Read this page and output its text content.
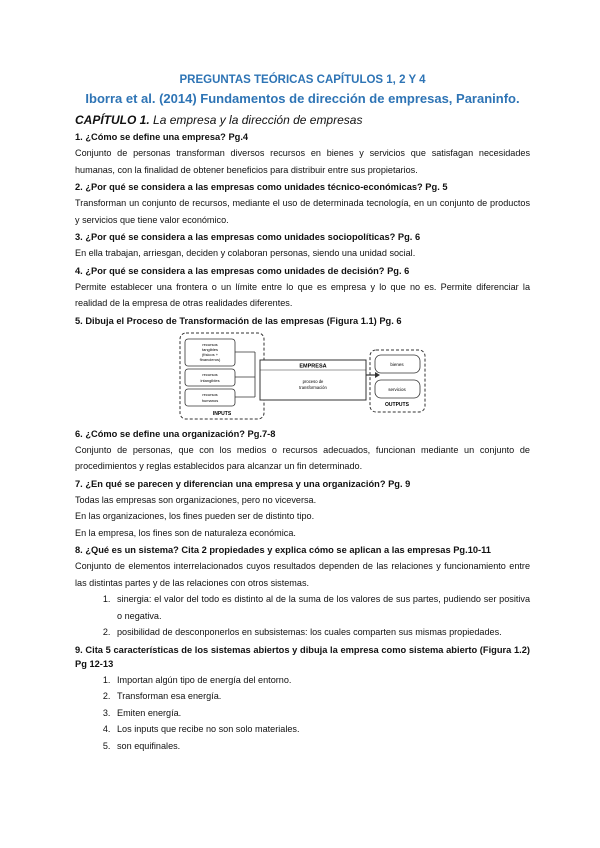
PREGUNTAS TEÓRICAS CAPÍTULOS 1, 2 Y 4

Iborra et al. (2014) Fundamentos de dirección de empresas, Paraninfo.

CAPÍTULO 1. La empresa y la dirección de empresas

1. ¿Cómo se define una empresa? Pg.4

Conjunto de personas transforman diversos recursos en bienes y servicios que satisfagan necesidades humanas, con la finalidad de obtener beneficios para distribuir entre sus propietarios.

2. ¿Por qué se considera a las empresas como unidades técnico-económicas? Pg. 5

Transforman un conjunto de recursos, mediante el uso de determinada tecnología, en un conjunto de productos y servicios que tiene valor económico.

3. ¿Por qué se considera a las empresas como unidades sociopolíticas? Pg. 6

En ella trabajan, arriesgan, deciden y colaboran personas, siendo una unidad social.

4. ¿Por qué se considera a las empresas como unidades de decisión? Pg. 6

Permite establecer una frontera o un límite entre lo que es empresa y lo que no es. Permite diferenciar la realidad de la empresa de otras realidades diferentes.

5. Dibuja el Proceso de Transformación de las empresas (Figura 1.1) Pg. 6

recursos
tangibles
(físicos +
financieros)
recursos
intangibles
recursos
humanos
INPUTS
EMPRESA
proceso de
transformación
bienes
servicios
OUTPUTS

6. ¿Cómo se define una organización? Pg.7-8

Conjunto de personas, que con los medios o recursos adecuados, funcionan mediante un conjunto de procedimientos y reglas establecidos para alcanzar un fin determinado.

7. ¿En qué se parecen y diferencian una empresa y una organización? Pg. 9

Todas las empresas son organizaciones, pero no viceversa.

En las organizaciones, los fines pueden ser de distinto tipo.

En la empresa, los fines son de naturaleza económica.

8. ¿Qué es un sistema? Cita 2 propiedades y explica cómo se aplican a las empresas Pg.10-11

Conjunto de elementos interrelacionados cuyos resultados dependen de las relaciones y funcionamiento entre las distintas partes y de las relaciones con otros sistemas.

1. sinergia: el valor del todo es distinto al de la suma de los valores de sus partes, pudiendo ser positiva o negativa.
2. posibilidad de desconponerlos en subsistemas: los cuales comparten sus mismas propiedades.

9. Cita 5 características de los sistemas abiertos y dibuja la empresa como sistema abierto (Figura 1.2) Pg 12-13

1. Importan algún tipo de energía del entorno.
2. Transforman esa energía.
3. Emiten energía.
4. Los inputs que recibe no son solo materiales.
5. son equifinales.
